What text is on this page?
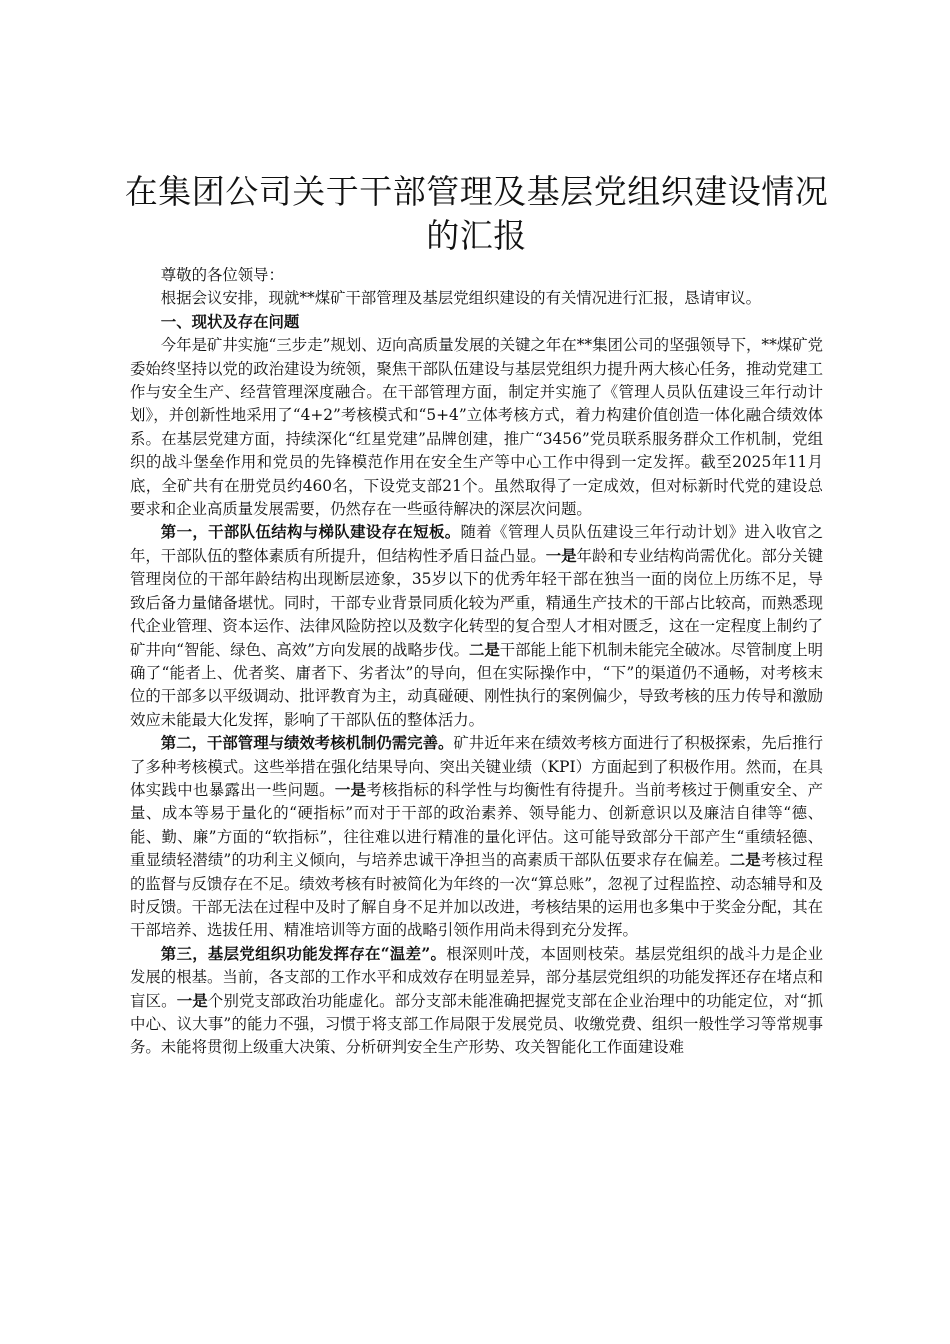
在集团公司关于干部管理及基层党组织建设情况的汇报

尊敬的各位领导：

根据会议安排，现就**煤矿干部管理及基层党组织建设的有关情况进行汇报，恳请审议。

一、现状及存在问题

今年是矿井实施“三步走”规划、迈向高质量发展的关键之年在**集团公司的坚强领导下，**煤矿党委始终坚持以党的政治建设为统领，聚焦干部队伍建设与基层党组织力提升两大核心任务，推动党建工作与安全生产、经营管理深度融合。在干部管理方面，制定并实施了《管理人员队伍建设三年行动计划》，并创新性地采用了“4+2”考核模式和“5+4”立体考核方式，着力构建价值创造一体化融合绩效体系。在基层党建方面，持续深化“红星党建”品牌创建，推广“3456”党员联系服务群众工作机制，党组织的战斗堡垒作用和党员的先锋模范作用在安全生产等中心工作中得到一定发挥。截至2025年11月底，全矿共有在册党员约460名，下设党支部21个。虽然取得了一定成效，但对标新时代党的建设总要求和企业高质量发展需要，仍然存在一些亟待解决的深层次问题。

第一，干部队伍结构与梯队建设存在短板。随着《管理人员队伍建设三年行动计划》进入收官之年，干部队伍的整体素质有所提升，但结构性矛盾日益凸显。一是年龄和专业结构尚需优化。部分关键管理岗位的干部年龄结构出现断层迹象，35岁以下的优秀年轻干部在独当一面的岗位上历练不足，导致后备力量储备堪忧。同时，干部专业背景同质化较为严重，精通生产技术的干部占比较高，而熟悉现代企业管理、资本运作、法律风险防控以及数字化转型的复合型人才相对匮乏，这在一定程度上制约了矿井向“智能、绿色、高效”方向发展的战略步伐。二是干部能上能下机制未能完全破冰。尽管制度上明确了“能者上、优者奖、庸者下、劣者汰”的导向，但在实际操作中，“下”的渠道仍不通畅，对考核末位的干部多以平级调动、批评教育为主，动真碰硬、刚性执行的案例偏少，导致考核的压力传导和激励效应未能最大化发挥，影响了干部队伍的整体活力。

第二，干部管理与绩效考核机制仍需完善。矿井近年来在绩效考核方面进行了积极探索，先后推行了多种考核模式。这些举措在强化结果导向、突出关键业绩（KPI）方面起到了积极作用。然而，在具体实践中也暴露出一些问题。一是考核指标的科学性与均衡性有待提升。当前考核过于侧重安全、产量、成本等易于量化的“硬指标”而对于干部的政治素养、领导能力、创新意识以及廉洁自律等“德、能、勤、廉”方面的“软指标”，往往难以进行精准的量化评估。这可能导致部分干部产生“重绩轻德、重显绩轻潜绩”的功利主义倾向，与培养忠诚干净担当的高素质干部队伍要求存在偏差。二是考核过程的监督与反馈存在不足。绩效考核有时被简化为年终的一次“算总账”，忽视了过程监控、动态辅导和及时反馈。干部无法在过程中及时了解自身不足并加以改进，考核结果的运用也多集中于奖金分配，其在干部培养、选拔任用、精准培训等方面的战略引领作用尚未得到充分发挥。

第三，基层党组织功能发挥存在“温差”。根深则叶茂，本固则枝荣。基层党组织的战斗力是企业发展的根基。当前，各支部的工作水平和成效存在明显差异，部分基层党组织的功能发挥还存在堵点和盲区。一是个别党支部政治功能虚化。部分支部未能准确把握党支部在企业治理中的功能定位，对“抓中心、议大事”的能力不强，习惯于将支部工作局限于发展党员、收缴党费、组织一般性学习等常规事务。未能将贯彻上级重大决策、分析研判安全生产形势、攻关智能化工作面建设难
